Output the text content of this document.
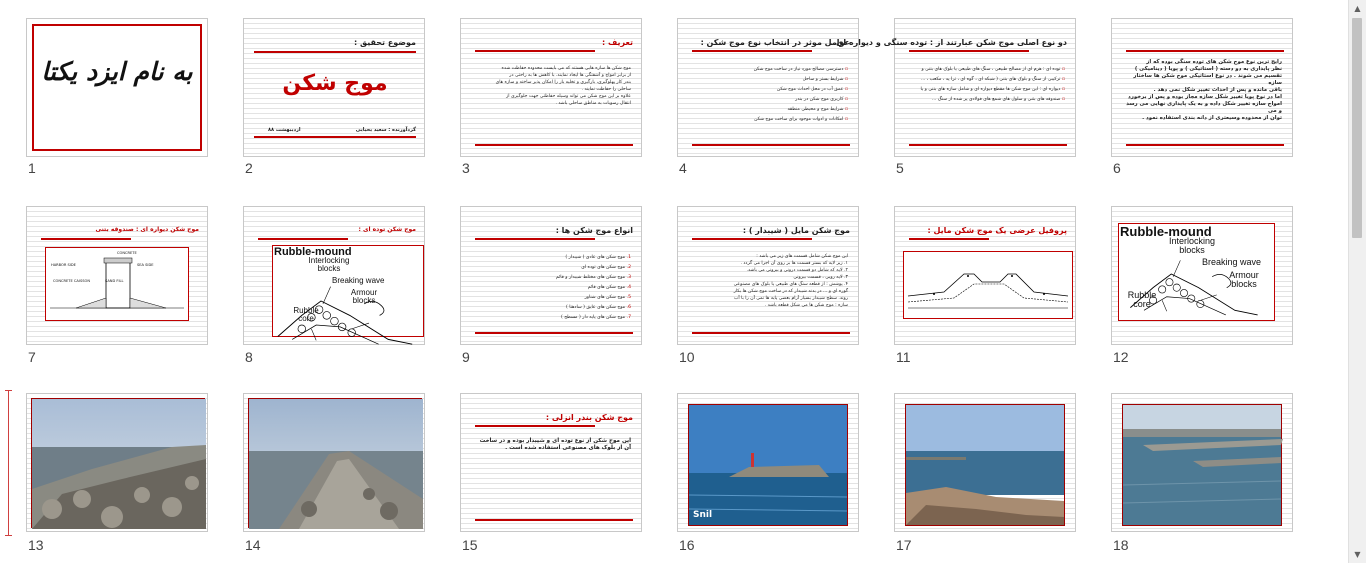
به نام ایزد یکتا
1
موضوع تحقیق :
موج شکن
گردآورنده : سعید یحیایی
اردیبهشت ۸۸
2
تعریف :
موج شکن ها سازه هایی هستند که می بایست محدوده حفاظت شده
از برابر امواج و آشفتگی ها ایجاد نمایند. با کاهش ها به راحتی در
بندر کار پهلوگیری، بارگیری و تخلیه بار را امکان پذیر ساخته و سازه های
ساحلی را حفاظت نمایند .
علاوه بر این موج شکن می تواند وسیله حفاظتی جهت جلوگیری از
انتقال رسوبات به مناطق ساحلی باشد .
3
عوامل موثر در انتخاب نوع موج شکن :
▫ دسترسی مصالح مورد نیاز در ساخت موج شکن
▫ شرایط بستر و ساحل
▫ عمق آب در محل احداث موج شکن
▫ کاربری موج شکن در بندر
▫ شرایط موج و محیطی منطقه
▫ امکانات و ادوات موجود برای ساخت موج شکن
4
دو نوع اصلی موج شکن عبارتند از : توده سنگی و دیواره ای .
▫ توده ای : هرم ای از مصالح طبیعی ، سنگ های طبیعی یا بلوک های بتنی و
▫ ترکیبی از سنگ و بلوک های بتنی ( شبکه ای ، گوه ای ، ترا پد ، مکعب ، ...
▫ دیواره ای : این موج شکن ها مقطع دیواره ای و شامل سازه های بتنی و یا
▫ صندوقه های بتنی و سلول های شمع های فولادی پر شده از سنگ ...
5
رایج ترین نوع موج شکن های توده سنگی بوده که از
نظر پایداری به دو دسته ( استاتیکی ) و پویا ( دینامیکی )
تقسیم می شوند . در نوع استاتیکی موج شکن ها ساختار سازه
باقی مانده و پس از احداث تغییر شکل نمی دهد .
اما در نوع پویا تغییر شکل سازه مجاز بوده و پس از برخورد
امواج سازه تغییر شکل داده و به یک پایداری نهایی می رسد و می
توان از محدوده وسیعتری از دانه بندی استفاده نمود .
6
موج شکن دیواره ای : صندوقه بتنی
HARBOR SIDE	SEA SIDE
CONCRETE
CONCRETE CAISSON	SAND FILL
7
موج شکن توده ای :
Rubble-mound
Interlocking blocks
Breaking wave
Armour blocks
Rubble core
8
انواع موج شکن ها :
1. موج شکن های عادی ( شیبدار )
2. موج شکن های توده ای
3. موج شکن های مختلط شیبدار و قائم
4. موج شکن های قائم
5. موج شکن های شناور
6. موج شکن های عایق ( سادهتا )
7. موج شکن های پایه دار ( مسطح )
9
موج شکن مایل ( شیبدار ) :
این موج شکن شامل قسمت های زیر می باشد :
۱. زیر لایه که بستر قسمت ها بر روی آن اجرا می گردد .
۲. لایه که شامل دو قسمت درونی و بیرونی می باشد.
۳. لایه رویی ، قسمت بیرونی
۴. پوشش : از قطعه سنگ های طبیعی یا بلوک های مصنوعی
گوره ای و ... در بدنه شیبدار که در ساخت موج شکن ها بکار
روند. سطح شیبدار بسیار آرام بعضی پایه ها نمی آن را با آب
سازه : موج شکن ها می شکل قطعه باشد .
10
پروفیل عرضی یک موج شکن مایل :
11
Rubble-mound
Interlocking blocks
Breaking wave
Armour blocks
Rubble core
12
13	14
موج شکن بندر انزلی :
این موج شکن از نوع توده ای و شیبدار بوده و در ساخت
آن از بلوک های مصنوعی استفاده شده است .
15
Snil
16	17	18
▲
▼
